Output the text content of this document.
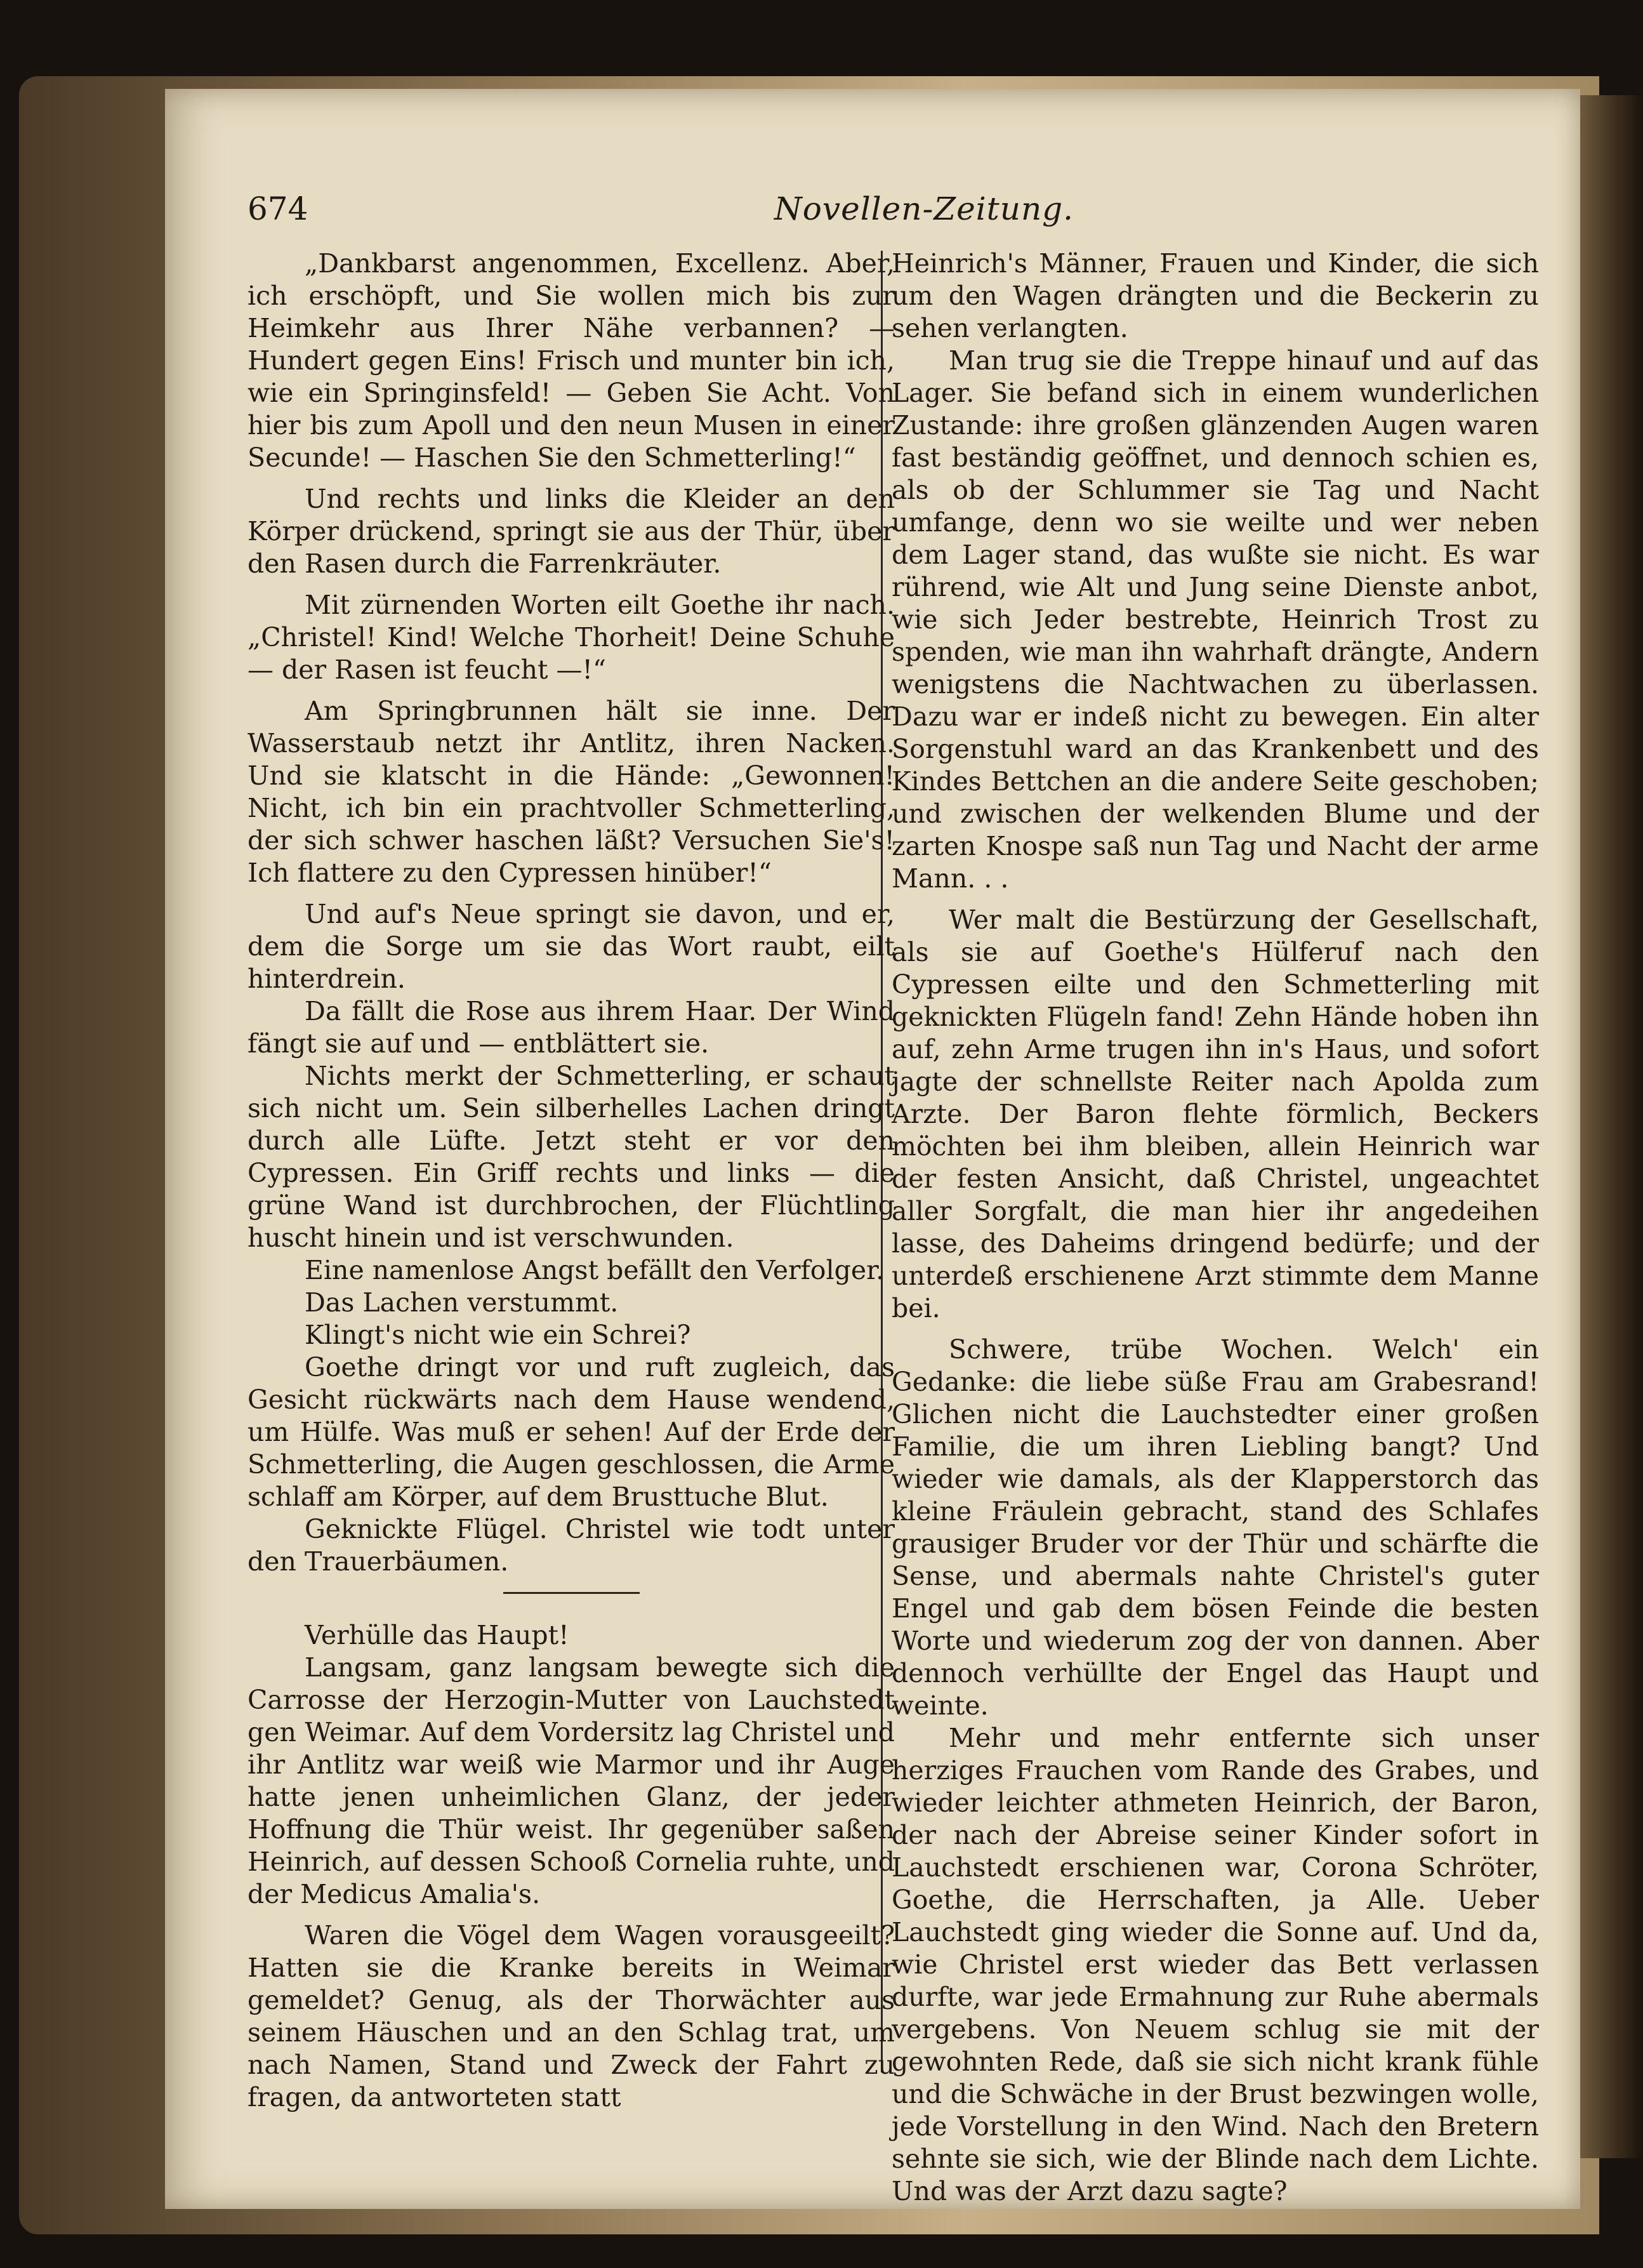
674	Novellen-Zeitung.

„Dankbarst angenommen, Excellenz. Aber, ich erschöpft, und Sie wollen mich bis zur Heimkehr aus Ihrer Nähe verbannen? — Hundert gegen Eins! Frisch und munter bin ich, wie ein Springinsfeld! — Geben Sie Acht. Von hier bis zum Apoll und den neun Musen in einer Secunde! — Haschen Sie den Schmetterling!“

Und rechts und links die Kleider an den Körper drückend, springt sie aus der Thür, über den Rasen durch die Farrenkräuter.

Mit zürnenden Worten eilt Goethe ihr nach. „Christel! Kind! Welche Thorheit! Deine Schuhe — der Rasen ist feucht —!“

Am Springbrunnen hält sie inne. Der Wasserstaub netzt ihr Antlitz, ihren Nacken. Und sie klatscht in die Hände: „Gewonnen! Nicht, ich bin ein prachtvoller Schmetterling, der sich schwer haschen läßt? Versuchen Sie's! Ich flattere zu den Cypressen hinüber!“

Und auf's Neue springt sie davon, und er, dem die Sorge um sie das Wort raubt, eilt hinterdrein.

Da fällt die Rose aus ihrem Haar. Der Wind fängt sie auf und — entblättert sie.

Nichts merkt der Schmetterling, er schaut sich nicht um. Sein silberhelles Lachen dringt durch alle Lüfte. Jetzt steht er vor den Cypressen. Ein Griff rechts und links — die grüne Wand ist durchbrochen, der Flüchtling huscht hinein und ist verschwunden.

Eine namenlose Angst befällt den Verfolger.

Das Lachen verstummt.

Klingt's nicht wie ein Schrei?

Goethe dringt vor und ruft zugleich, das Gesicht rückwärts nach dem Hause wendend, um Hülfe. Was muß er sehen! Auf der Erde der Schmetterling, die Augen geschlossen, die Arme schlaff am Körper, auf dem Brusttuche Blut.

Geknickte Flügel. Christel wie todt unter den Trauerbäumen.

Verhülle das Haupt!

Langsam, ganz langsam bewegte sich die Carrosse der Herzogin-Mutter von Lauchstedt gen Weimar. Auf dem Vordersitz lag Christel und ihr Antlitz war weiß wie Marmor und ihr Auge hatte jenen unheimlichen Glanz, der jeder Hoffnung die Thür weist. Ihr gegenüber saßen Heinrich, auf dessen Schooß Cornelia ruhte, und der Medicus Amalia's.

Waren die Vögel dem Wagen vorausgeeilt? Hatten sie die Kranke bereits in Weimar gemeldet? Genug, als der Thorwächter aus seinem Häuschen und an den Schlag trat, um nach Namen, Stand und Zweck der Fahrt zu fragen, da antworteten statt

Heinrich's Männer, Frauen und Kinder, die sich um den Wagen drängten und die Beckerin zu sehen verlangten.

Man trug sie die Treppe hinauf und auf das Lager. Sie befand sich in einem wunderlichen Zustande: ihre großen glänzenden Augen waren fast beständig geöffnet, und dennoch schien es, als ob der Schlummer sie Tag und Nacht umfange, denn wo sie weilte und wer neben dem Lager stand, das wußte sie nicht. Es war rührend, wie Alt und Jung seine Dienste anbot, wie sich Jeder bestrebte, Heinrich Trost zu spenden, wie man ihn wahrhaft drängte, Andern wenigstens die Nachtwachen zu überlassen. Dazu war er indeß nicht zu bewegen. Ein alter Sorgenstuhl ward an das Krankenbett und des Kindes Bettchen an die andere Seite geschoben; und zwischen der welkenden Blume und der zarten Knospe saß nun Tag und Nacht der arme Mann. . .

Wer malt die Bestürzung der Gesellschaft, als sie auf Goethe's Hülferuf nach den Cypressen eilte und den Schmetterling mit geknickten Flügeln fand! Zehn Hände hoben ihn auf, zehn Arme trugen ihn in's Haus, und sofort jagte der schnellste Reiter nach Apolda zum Arzte. Der Baron flehte förmlich, Beckers möchten bei ihm bleiben, allein Heinrich war der festen Ansicht, daß Christel, ungeachtet aller Sorgfalt, die man hier ihr angedeihen lasse, des Daheims dringend bedürfe; und der unterdeß erschienene Arzt stimmte dem Manne bei.

Schwere, trübe Wochen. Welch' ein Gedanke: die liebe süße Frau am Grabesrand! Glichen nicht die Lauchstedter einer großen Familie, die um ihren Liebling bangt? Und wieder wie damals, als der Klapperstorch das kleine Fräulein gebracht, stand des Schlafes grausiger Bruder vor der Thür und schärfte die Sense, und abermals nahte Christel's guter Engel und gab dem bösen Feinde die besten Worte und wiederum zog der von dannen. Aber dennoch verhüllte der Engel das Haupt und weinte.

Mehr und mehr entfernte sich unser herziges Frauchen vom Rande des Grabes, und wieder leichter athmeten Heinrich, der Baron, der nach der Abreise seiner Kinder sofort in Lauchstedt erschienen war, Corona Schröter, Goethe, die Herrschaften, ja Alle. Ueber Lauchstedt ging wieder die Sonne auf. Und da, wie Christel erst wieder das Bett verlassen durfte, war jede Ermahnung zur Ruhe abermals vergebens. Von Neuem schlug sie mit der gewohnten Rede, daß sie sich nicht krank fühle und die Schwäche in der Brust bezwingen wolle, jede Vorstellung in den Wind. Nach den Bretern sehnte sie sich, wie der Blinde nach dem Lichte. Und was der Arzt dazu sagte?
